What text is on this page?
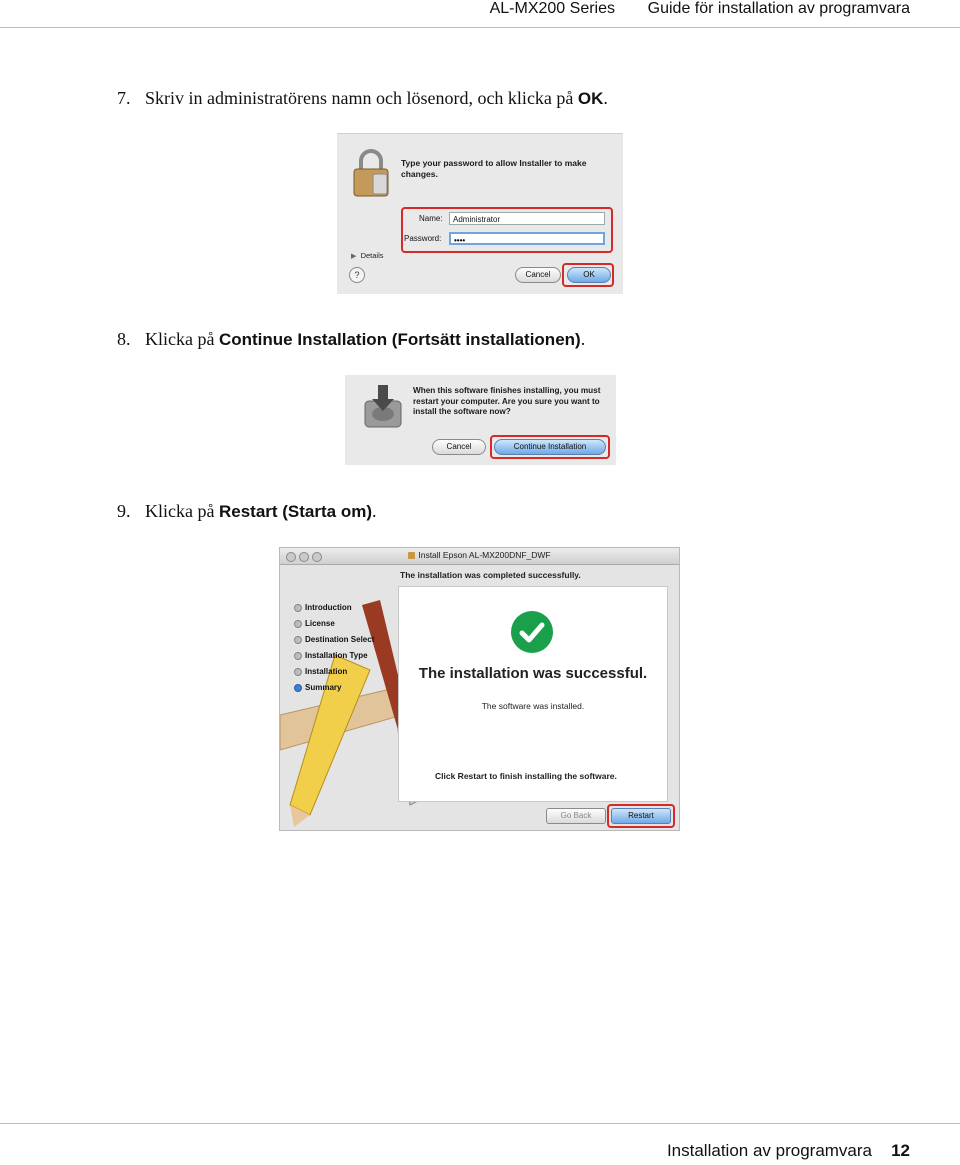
AL-MX200 Series Guide för installation av programvara
7. Skriv in administratörens namn och lösenord, och klicka på OK.
Type your password to allow Installer to make changes.
Name:	Administrator
Password:	••••
▶ Details
?	Cancel	OK
8. Klicka på Continue Installation (Fortsätt installationen).
When this software finishes installing, you must restart your computer. Are you sure you want to install the software now?
Cancel	Continue Installation
9. Klicka på Restart (Starta om).
Install Epson AL-MX200DNF_DWF
The installation was completed successfully.
Introduction
License
Destination Select
Installation Type
Installation
Summary
The installation was successful.
The software was installed.
Click Restart to finish installing the software.
Go Back	Restart
Installation av programvara 12
